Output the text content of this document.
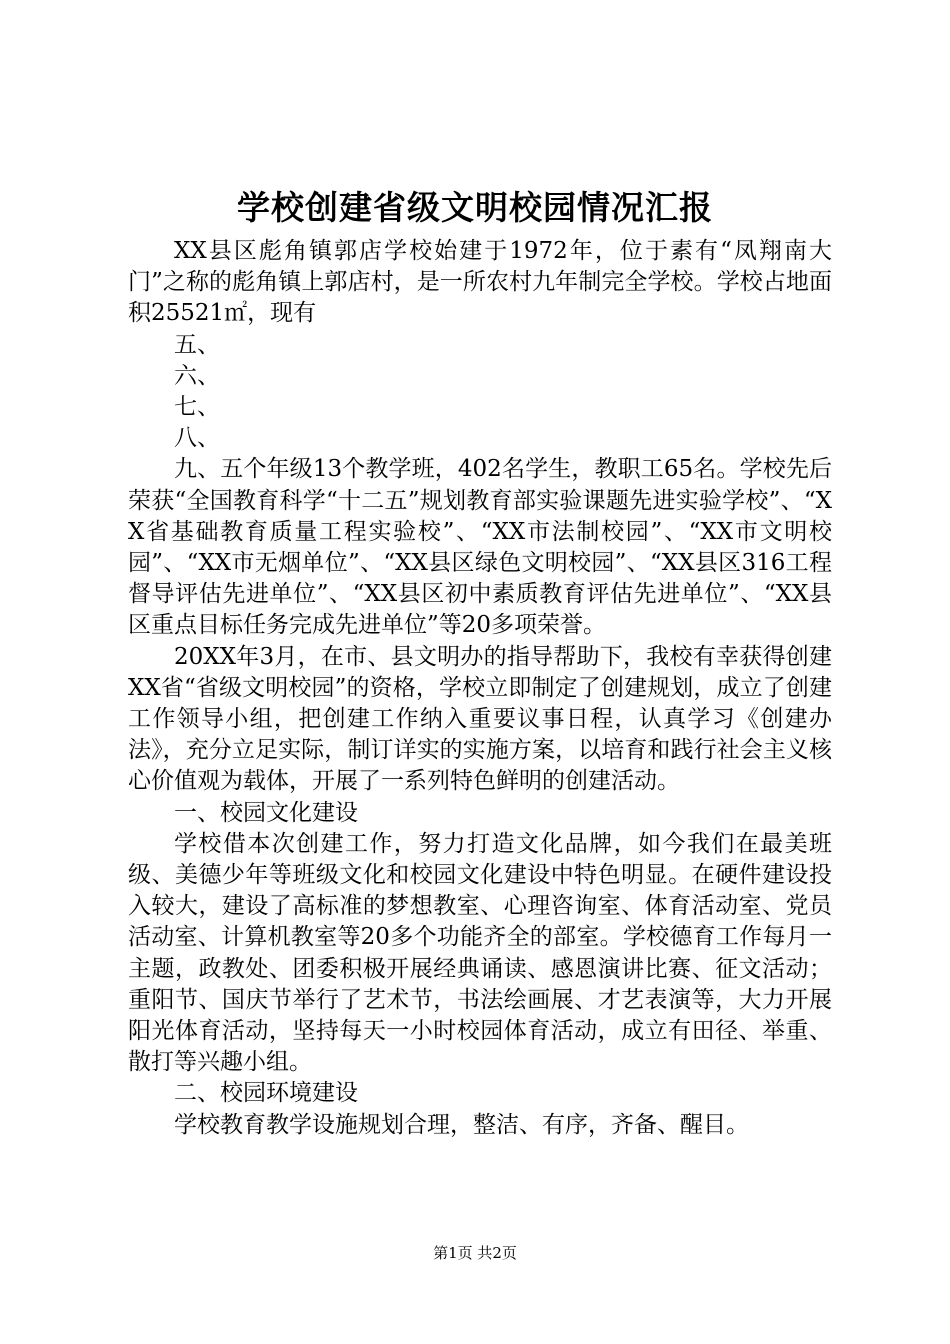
学校创建省级文明校园情况汇报

XX县区彪角镇郭店学校始建于1972年，位于素有“凤翔南大门”之称的彪角镇上郭店村，是一所农村九年制完全学校。学校占地面积25521㎡，现有

五、

六、

七、

八、

九、五个年级13个教学班，402名学生，教职工65名。学校先后荣获“全国教育科学“十二五”规划教育部实验课题先进实验学校”、“XX省基础教育质量工程实验校”、“XX市法制校园”、“XX市文明校园”、“XX市无烟单位”、“XX县区绿色文明校园”、“XX县区316工程督导评估先进单位”、“XX县区初中素质教育评估先进单位”、“XX县区重点目标任务完成先进单位”等20多项荣誉。

20XX年3月，在市、县文明办的指导帮助下，我校有幸获得创建XX省“省级文明校园”的资格，学校立即制定了创建规划，成立了创建工作领导小组，把创建工作纳入重要议事日程，认真学习《创建办法》，充分立足实际，制订详实的实施方案，以培育和践行社会主义核心价值观为载体，开展了一系列特色鲜明的创建活动。

一、校园文化建设

学校借本次创建工作，努力打造文化品牌，如今我们在最美班级、美德少年等班级文化和校园文化建设中特色明显。在硬件建设投入较大，建设了高标准的梦想教室、心理咨询室、体育活动室、党员活动室、计算机教室等20多个功能齐全的部室。学校德育工作每月一主题，政教处、团委积极开展经典诵读、感恩演讲比赛、征文活动；重阳节、国庆节举行了艺术节，书法绘画展、才艺表演等，大力开展阳光体育活动，坚持每天一小时校园体育活动，成立有田径、举重、散打等兴趣小组。

二、校园环境建设

学校教育教学设施规划合理，整洁、有序，齐备、醒目。

第1页 共2页
